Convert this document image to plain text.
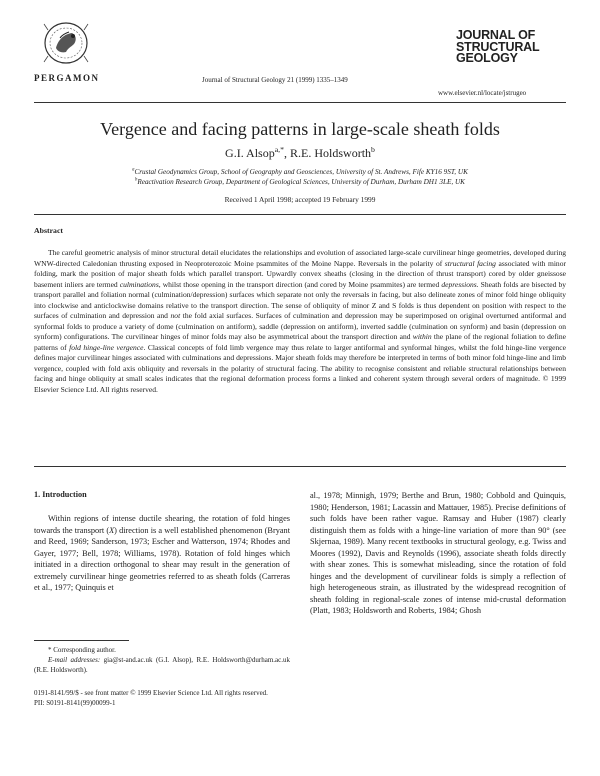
PERGAMON	Journal of Structural Geology 21 (1999) 1335–1349
JOURNAL OF
STRUCTURAL
GEOLOGY
www.elsevier.nl/locate/jstrugeo
Vergence and facing patterns in large-scale sheath folds
G.I. Alsop$^{a,*}$, R.E. Holdsworth$^b$
$^a$Crustal Geodynamics Group, School of Geography and Geosciences, University of St. Andrews, Fife KY16 9ST, UK
$^b$Reactivation Research Group, Department of Geological Sciences, University of Durham, Durham DH1 3LE, UK
Received 1 April 1998; accepted 19 February 1999
Abstract

The careful geometric analysis of minor structural detail elucidates the relationships and evolution of associated large-scale curvilinear hinge geometries, developed during WNW-directed Caledonian thrusting exposed in Neoproterozoic Moine psammites of the Moine Nappe. Reversals in the polarity of structural facing associated with minor folding, mark the position of major sheath folds which parallel transport. Upwardly convex sheaths (closing in the direction of thrust transport) cored by older gneissose basement inliers are termed culminations, whilst those opening in the transport direction (and cored by Moine psammites) are termed depressions. Sheath folds are bisected by transport parallel and foliation normal (culmination/depression) surfaces which separate not only the reversals in facing, but also delineate zones of minor fold hinge obliquity into clockwise and anticlockwise domains relative to the transport direction. The sense of obliquity of minor Z and S folds is thus dependent on position with respect to the surfaces of culmination and depression and not the fold axial surfaces. Surfaces of culmination and depression may be superimposed on original overturned antiformal and synformal folds to produce a variety of dome (culmination on antiform), saddle (depression on antiform), inverted saddle (culmination on synform) and basin (depression on synform) configurations. The curvilinear hinges of minor folds may also be asymmetrical about the transport direction and within the plane of the regional foliation to define patterns of fold hinge-line vergence. Classical concepts of fold limb vergence may thus relate to larger antiformal and synformal hinges, whilst the fold hinge-line vergence defines major curvilinear hinges associated with culminations and depressions. Major sheath folds may therefore be interpreted in terms of both minor fold hinge-line and limb vergence, coupled with fold axis obliquity and reversals in the polarity of structural facing. The ability to recognise consistent and reliable structural relationships between facing and hinge obliquity at small scales indicates that the regional deformation process forms a linked and coherent system through several orders of magnitude. © 1999 Elsevier Science Ltd. All rights reserved.

1. Introduction

Within regions of intense ductile shearing, the rotation of fold hinges towards the transport (X) direction is a well established phenomenon (Bryant and Reed, 1969; Sanderson, 1973; Escher and Watterson, 1974; Rhodes and Gayer, 1977; Bell, 1978; Williams, 1978). Rotation of fold hinges which initiated in a direction orthogonal to shear may result in the generation of extremely curvilinear hinge geometries referred to as sheath folds (Carreras et al., 1977; Quinquis et

al., 1978; Minnigh, 1979; Berthe and Brun, 1980; Cobbold and Quinquis, 1980; Henderson, 1981; Lacassin and Mattauer, 1985). Precise definitions of such folds have been rather vague. Ramsay and Huber (1987) clearly distinguish them as folds with a hinge-line variation of more than 90° (see Skjernaa, 1989). Many recent textbooks in structural geology, e.g. Twiss and Moores (1992), Davis and Reynolds (1996), associate sheath folds directly with shear zones. This is somewhat misleading, since the rotation of fold hinges and the development of curvilinear folds is simply a reflection of high heterogeneous strain, as illustrated by the widespread recognition of sheath folding in regional-scale zones of intense mid-crustal deformation (Platt, 1983; Holdsworth and Roberts, 1984; Ghosh

* Corresponding author.

E-mail addresses: gia@st-and.ac.uk (G.I. Alsop), R.E. Holdsworth@durham.ac.uk (R.E. Holdsworth).

0191-8141/99/$ - see front matter © 1999 Elsevier Science Ltd. All rights reserved.
PII: S0191-8141(99)00099-1
